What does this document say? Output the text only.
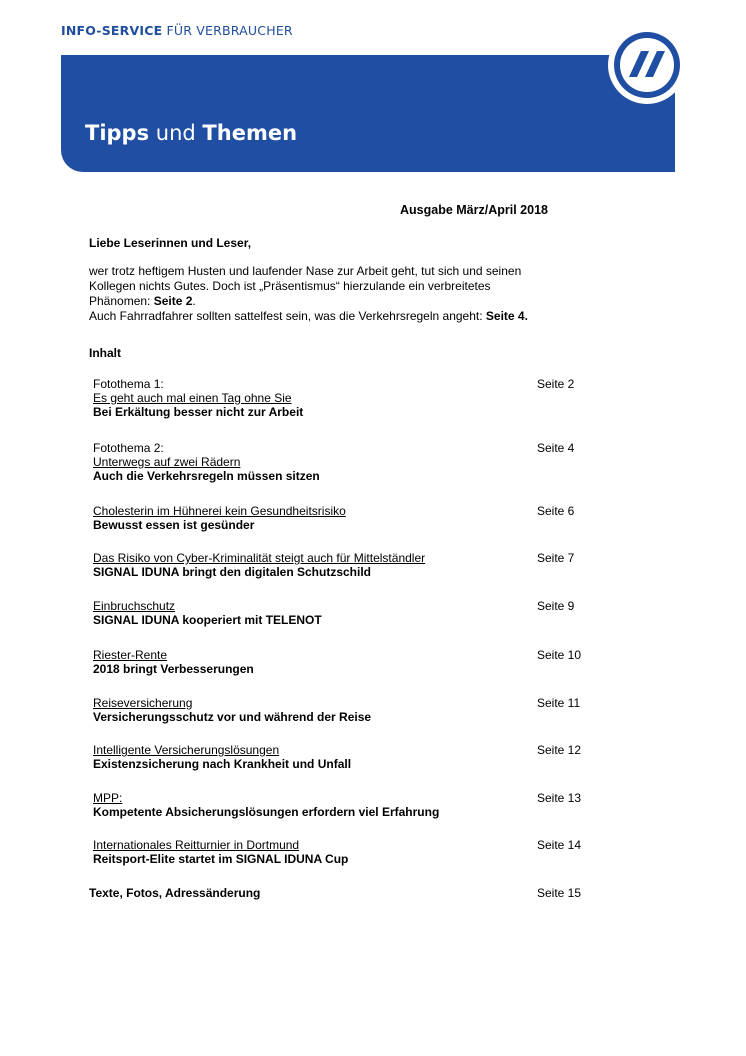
INFO-SERVICE FÜR VERBRAUCHER
Tipps und Themen
Ausgabe März/April 2018
Liebe Leserinnen und Leser,

wer trotz heftigem Husten und laufender Nase zur Arbeit geht, tut sich und seinen

Kollegen nichts Gutes. Doch ist „Präsentismus“ hierzulande ein verbreitetes

Phänomen: Seite 2.

Auch Fahrradfahrer sollten sattelfest sein, was die Verkehrsregeln angeht: Seite 4.

Inhalt
Fotothema 1:
Es geht auch mal einen Tag ohne Sie
Bei Erkältung besser nicht zur Arbeit
Seite 2
Fotothema 2:
Unterwegs auf zwei Rädern
Auch die Verkehrsregeln müssen sitzen
Seite 4
Cholesterin im Hühnerei kein Gesundheitsrisiko
Bewusst essen ist gesünder
Seite 6
Das Risiko von Cyber-Kriminalität steigt auch für Mittelständler
SIGNAL IDUNA bringt den digitalen Schutzschild
Seite 7
Einbruchschutz
SIGNAL IDUNA kooperiert mit TELENOT
Seite 9
Riester-Rente
2018 bringt Verbesserungen
Seite 10
Reiseversicherung
Versicherungsschutz vor und während der Reise
Seite 11
Intelligente Versicherungslösungen
Existenzsicherung nach Krankheit und Unfall
Seite 12
MPP:
Kompetente Absicherungslösungen erfordern viel Erfahrung
Seite 13
Internationales Reitturnier in Dortmund
Reitsport-Elite startet im SIGNAL IDUNA Cup
Seite 14
Texte, Fotos, Adressänderung	Seite 15
